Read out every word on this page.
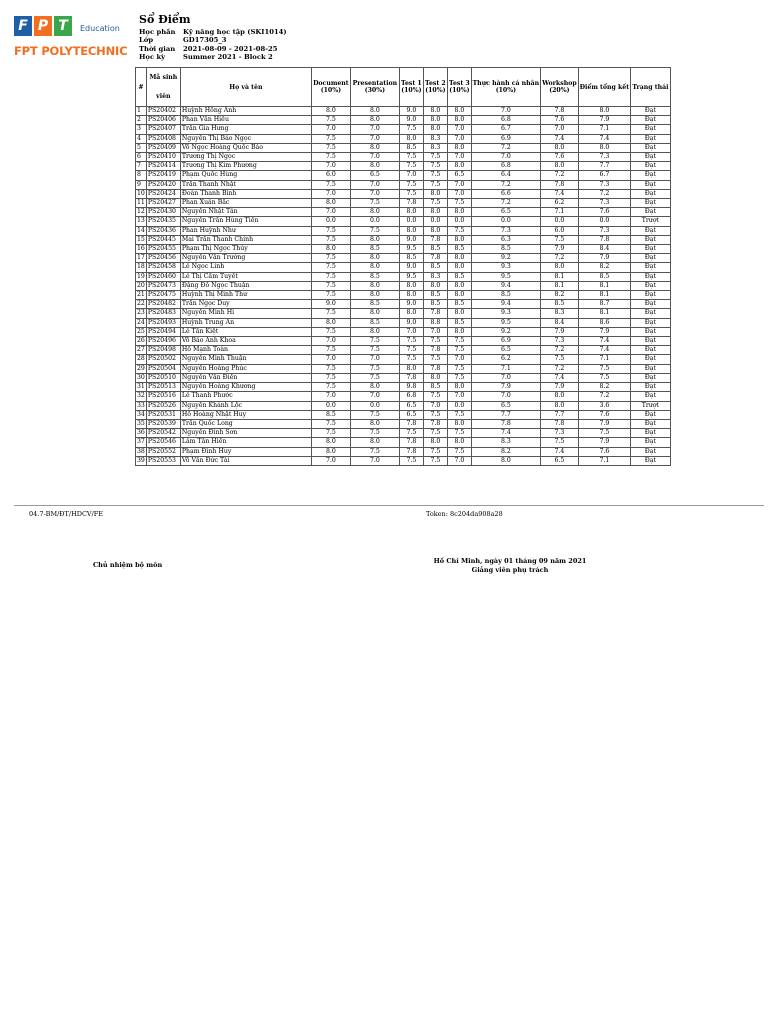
F P T	Education
FPT POLYTECHNIC
Sổ Điểm
Học phần	Kỹ năng học tập (SKI1014)
Lớp	GD17305_3
Thời gian	2021-08-09 - 2021-08-25
Học kỳ	Summer 2021 - Block 2
#	Mã sinh viên	Họ và tên	Document (10%)	Presentation (30%)	Test 1 (10%)	Test 2 (10%)	Test 3 (10%)	Thực hành cá nhân (10%)	Workshop (20%)	Điểm tổng kết	Trạng thái
1	PS20402	Huỳnh Hồng Anh	8.0	8.0	9.0	8.0	8.0	7.0	7.8	8.0	Đạt
2	PS20406	Phan Văn Hiếu	7.5	8.0	9.0	8.0	8.0	6.8	7.6	7.9	Đạt
3	PS20407	Trần Gia Hưng	7.0	7.0	7.5	8.0	7.0	6.7	7.0	7.1	Đạt
4	PS20408	Nguyễn Thị Bảo Ngọc	7.5	7.0	8.0	8.3	7.0	6.9	7.4	7.4	Đạt
5	PS20409	Võ Ngọc Hoàng Quốc Bảo	7.5	8.0	8.5	8.3	8.0	7.2	8.0	8.0	Đạt
6	PS20410	Trương Thị Ngọc	7.5	7.0	7.5	7.5	7.0	7.0	7.6	7.3	Đạt
7	PS20414	Trương Thị Kim Phương	7.0	8.0	7.5	7.5	8.0	6.8	8.0	7.7	Đạt
8	PS20419	Phạm Quốc Hùng	6.0	6.5	7.0	7.5	6.5	6.4	7.2	6.7	Đạt
9	PS20420	Trần Thanh Nhật	7.5	7.0	7.5	7.5	7.0	7.2	7.8	7.3	Đạt
10	PS20424	Đoàn Thanh Bình	7.0	7.0	7.5	8.0	7.0	6.6	7.4	7.2	Đạt
11	PS20427	Phan Xuân Bắc	8.0	7.5	7.8	7.5	7.5	7.2	6.2	7.3	Đạt
12	PS20430	Nguyễn Nhật Tân	7.0	8.0	8.0	8.0	8.0	6.5	7.1	7.6	Đạt
13	PS20435	Nguyễn Trần Hùng Tiến	0.0	0.0	0.0	0.0	0.0	0.0	0.0	0.0	Trượt
14	PS20436	Phan Huỳnh Như	7.5	7.5	8.0	8.0	7.5	7.3	6.0	7.3	Đạt
15	PS20445	Mai Trần Thanh Chính	7.5	8.0	9.0	7.8	8.0	6.3	7.5	7.8	Đạt
16	PS20455	Phạm Thị Ngọc Thủy	8.0	8.5	9.5	8.5	8.5	8.5	7.9	8.4	Đạt
17	PS20456	Nguyễn Văn Trường	7.5	8.0	8.5	7.8	8.0	9.2	7.2	7.9	Đạt
18	PS20458	Lê Ngọc Linh	7.5	8.0	9.0	8.5	8.0	9.3	8.0	8.2	Đạt
19	PS20460	Lê Thị Cẩm Tuyết	7.5	8.5	9.5	8.3	8.5	9.5	8.1	8.5	Đạt
20	PS20473	Đặng Đỗ Ngọc Thuận	7.5	8.0	8.0	8.0	8.0	9.4	8.1	8.1	Đạt
21	PS20475	Huỳnh Thị Minh Thư	7.5	8.0	8.0	8.5	8.0	8.5	8.2	8.1	Đạt
22	PS20482	Trần Ngọc Duy	9.0	8.5	9.0	8.5	8.5	9.4	8.5	8.7	Đạt
23	PS20483	Nguyễn Minh Hi	7.5	8.0	8.0	7.8	8.0	9.3	8.3	8.1	Đạt
24	PS20493	Huỳnh Trung Ân	8.0	8.5	9.0	8.8	8.5	9.5	8.4	8.6	Đạt
25	PS20494	Lê Tấn Kiệt	7.5	8.0	7.0	7.0	8.0	9.2	7.9	7.9	Đạt
26	PS20496	Võ Bảo Anh Khoa	7.0	7.5	7.5	7.5	7.5	6.9	7.3	7.4	Đạt
27	PS20498	Hồ Mạnh Toàn	7.5	7.5	7.5	7.8	7.5	6.5	7.2	7.4	Đạt
28	PS20502	Nguyễn Minh Thuận	7.0	7.0	7.5	7.5	7.0	6.2	7.5	7.1	Đạt
29	PS20504	Nguyễn Hoàng Phúc	7.5	7.5	8.0	7.8	7.5	7.1	7.2	7.5	Đạt
30	PS20510	Nguyễn Văn Điền	7.5	7.5	7.8	8.0	7.5	7.0	7.4	7.5	Đạt
31	PS20513	Nguyễn Hoàng Khương	7.5	8.0	9.8	8.5	8.0	7.9	7.9	8.2	Đạt
32	PS20516	Lê Thanh Phước	7.0	7.0	6.8	7.5	7.0	7.0	8.0	7.2	Đạt
33	PS20526	Nguyễn Khánh Lộc	0.0	0.0	6.5	7.0	0.0	6.5	8.0	3.6	Trượt
34	PS20531	Hồ Hoàng Nhật Huy	8.5	7.5	6.5	7.5	7.5	7.7	7.7	7.6	Đạt
35	PS20539	Trần Quốc Long	7.5	8.0	7.8	7.8	8.0	7.8	7.8	7.9	Đạt
36	PS20542	Nguyễn Đình Sơn	7.5	7.5	7.5	7.5	7.5	7.4	7.3	7.5	Đạt
37	PS20546	Lâm Tấn Hiền	8.0	8.0	7.8	8.0	8.0	8.3	7.5	7.9	Đạt
38	PS20552	Phạm Đình Huy	8.0	7.5	7.8	7.5	7.5	8.2	7.4	7.6	Đạt
39	PS20553	Võ Văn Đức Tài	7.0	7.0	7.5	7.5	7.0	8.0	6.5	7.1	Đạt
04.7-BM/ĐT/HDCV/FE	Token: 8c204da908a28
Chủ nhiệm bộ môn	Hồ Chí Minh, ngày 01 tháng 09 năm 2021
Giảng viên phụ trách
